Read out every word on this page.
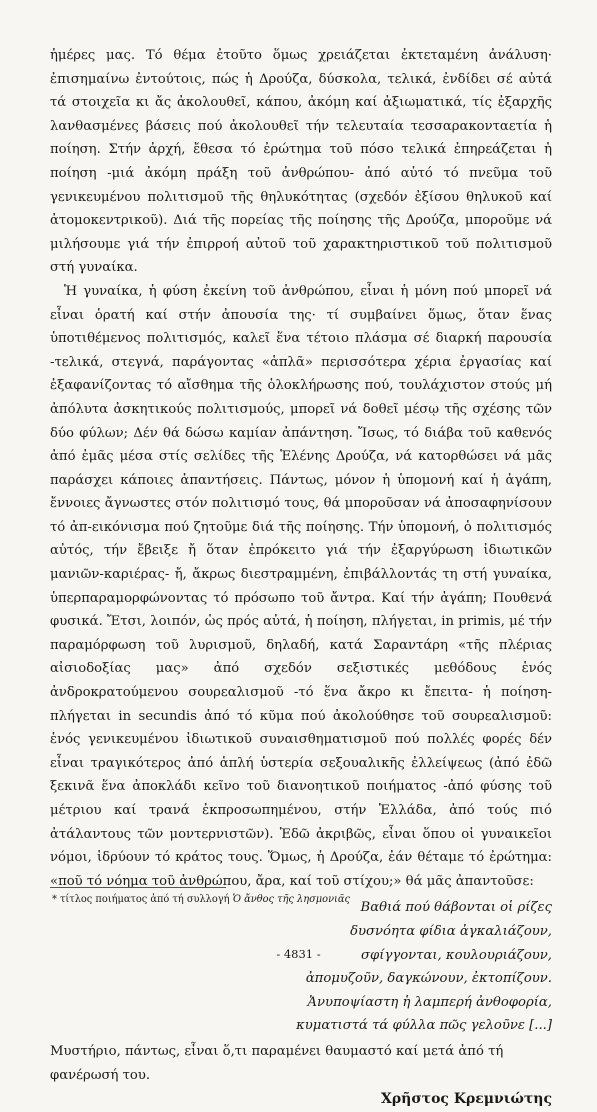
ἡμέρες μας. Τό θέμα ἐτοῦτο ὅμως χρειάζεται ἐκτεταμένη ἀνάλυση· ἐπισημαίνω ἐντούτοις, πώς ἡ Δρούζα, δύσκολα, τελικά, ἐνδίδει σέ αὐτά τά στοιχεῖα κι ἄς ἀκολουθεῖ, κάπου, ἀκόμη καί ἀξιωματικά, τίς ἐξαρχῆς λανθασμένες βάσεις πού ἀκολουθεῖ τήν τελευταία τεσσαρακονταετία ἡ ποίηση. Στήν ἀρχή, ἔθεσα τό ἐρώτημα τοῦ πόσο τελικά ἐπηρεάζεται ἡ ποίηση -μιά ἀκόμη πράξη τοῦ ἀνθρώπου- ἀπό αὐτό τό πνεῦμα τοῦ γενικευμένου πολιτισμοῦ τῆς θηλυκότητας (σχεδόν ἐξίσου θηλυκοῦ καί ἀτομοκεντρικοῦ). Διά τῆς πορείας τῆς ποίησης τῆς Δρούζα, μποροῦμε νά μιλήσουμε γιά τήν ἐπιρροή αὐτοῦ τοῦ χαρακτηριστικοῦ τοῦ πολιτισμοῦ στή γυναίκα.

Ἡ γυναίκα, ἡ φύση ἐκείνη τοῦ ἀνθρώπου, εἶναι ἡ μόνη πού μπορεῖ νά εἶναι ὁρατή καί στήν ἀπουσία της· τί συμβαίνει ὅμως, ὅταν ἕνας ὑποτιθέμενος πολιτισμός, καλεῖ ἕνα τέτοιο πλάσμα σέ διαρκή παρουσία -τελικά, στεγνά, παράγοντας «ἁπλᾶ» περισσότερα χέρια ἐργασίας καί ἐξαφανίζοντας τό αἴσθημα τῆς ὁλοκλήρωσης πού, τουλάχιστον στούς μή ἀπόλυτα ἀσκητικούς πολιτισμούς, μπορεῖ νά δοθεῖ μέσῳ τῆς σχέσης τῶν δύο φύλων; Δέν θά δώσω καμίαν ἀπάντηση. Ἴσως, τό διάβα τοῦ καθενός ἀπό ἐμᾶς μέσα στίς σελίδες τῆς Ἑλένης Δρούζα, νά κατορθώσει νά μᾶς παράσχει κάποιες ἀπαντήσεις. Πάντως, μόνον ἡ ὑπομονή καί ἡ ἀγάπη, ἔννοιες ἄγνωστες στόν πολιτισμό τους, θά μποροῦσαν νά ἀποσαφηνίσουν τό ἀπ-εικόνισμα πού ζητοῦμε διά τῆς ποίησης. Τήν ὑπομονή, ὁ πολιτισμός αὐτός, τήν ἔβειξε ἤ ὅταν ἐπρόκειτο γιά τήν ἐξαργύρωση ἰδιωτικῶν μανιῶν-καριέρας- ἤ, ἄκρως διεστραμμένη, ἐπιβάλλοντάς τη στή γυναίκα, ὑπερπαραμορφώνοντας τό πρόσωπο τοῦ ἄντρα. Καί τήν ἀγάπη; Πουθενά φυσικά. Ἔτσι, λοιπόν, ὡς πρός αὐτά, ἡ ποίηση, πλήγεται, in primis, μέ τήν παραμόρφωση τοῦ λυρισμοῦ, δηλαδή, κατά Σαραντάρη «τῆς πλέριας αἰσιοδοξίας μας» ἀπό σχεδόν σεξιστικές μεθόδους ἑνός ἀνδροκρατούμενου σουρεαλισμοῦ -τό ἕνα ἄκρο κι ἔπειτα- ἡ ποίηση- πλήγεται in secundis ἀπό τό κῦμα πού ἀκολούθησε τοῦ σουρεαλισμοῦ: ἑνός γενικευμένου ἰδιωτικοῦ συναισθηματισμοῦ πού πολλές φορές δέν εἶναι τραγικότερος ἀπό ἁπλή ὑστερία σεξουαλικῆς ἐλλείψεως (ἀπό ἐδῶ ξεκινᾶ ἕνα ἀποκλάδι κεῖνο τοῦ διανοητικοῦ ποιήματος -ἀπό φύσης τοῦ μέτριου καί τρανά ἐκπροσωπημένου, στήν Ἑλλάδα, ἀπό τούς πιό ἀτάλαντους τῶν μοντερνιστῶν). Ἐδῶ ἀκριβῶς, εἶναι ὅπου οἱ γυναικεῖοι νόμοι, ἱδρύουν τό κράτος τους. Ὅμως, ἡ Δρούζα, ἐάν θέταμε τό ἐρώτημα: «ποῦ τό νόημα τοῦ ἀνθρώπου, ἄρα, καί τοῦ στίχου;» θά μᾶς ἀπαντοῦσε:

Βαθιά πού θάβονται οἱ ρίζες
δυσνόητα φίδια ἀγκαλιάζουν,
σφίγγονται, κουλουριάζουν,
ἀπομυζοῦν, δαγκώνουν, ἐκτοπίζουν.
Ἀνυποψίαστη ἡ λαμπερή ἀνθοφορία,
κυματιστά τά φύλλα πῶς γελοῦνε [...]

Μυστήριο, πάντως, εἶναι ὅ,τι παραμένει θαυμαστό καί μετά ἀπό τή φανέρωσή του.

Χρῆστος Κρεμνιώτης

* τίτλος ποιήματος ἀπό τή συλλογή Ὁ ἄνθος τῆς λησμονιᾶς

- 4831 -
